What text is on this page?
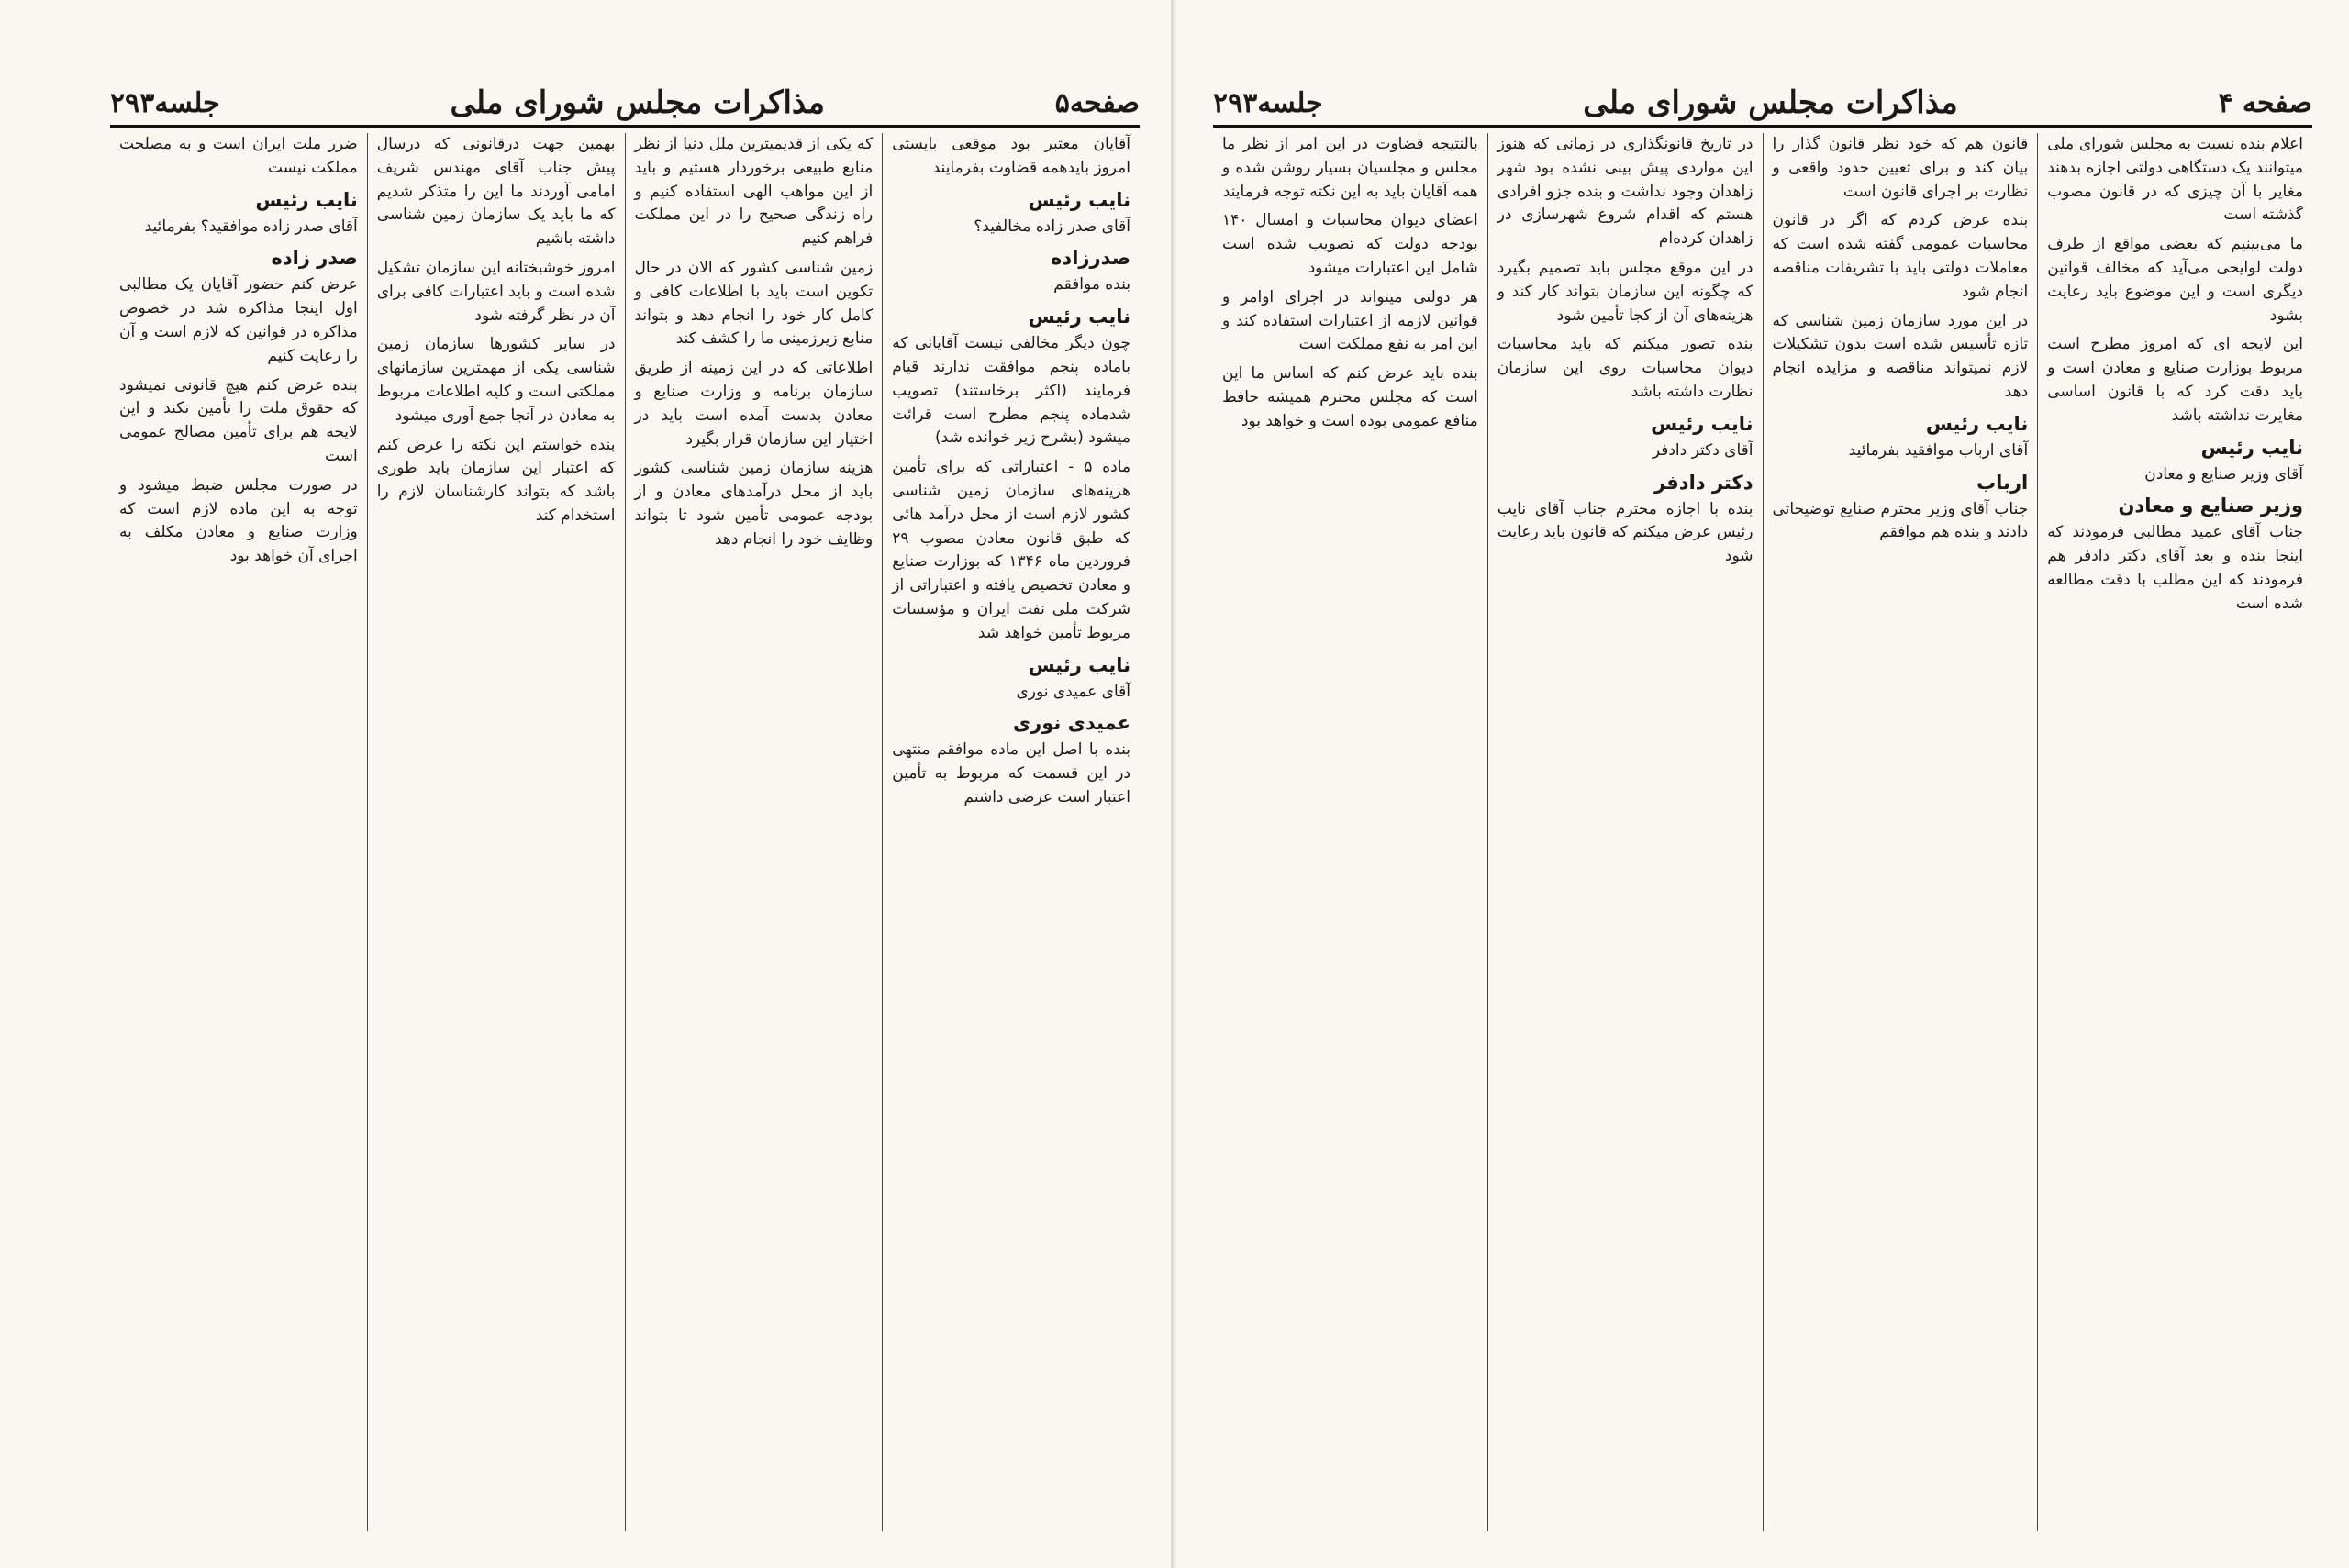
صفحه۵
مذاکرات مجلس شورای ملی
جلسه۲۹۳
آقایان معتبر بود موقعی بایستی امروز بایدهمه قضاوت بفرمایند
نایب رئیس
آقای صدر زاده مخالفید؟
صدرزاده
بنده موافقم
نایب رئیس
چون دیگر مخالفی نیست آقایانی که باماده پنجم موافقت ندارند قیام فرمایند (اکثر برخاستند) تصویب شدماده پنجم مطرح است قرائت میشود (بشرح زیر خوانده شد)
ماده ۵ - اعتباراتی که برای تأمین هزینه‌های سازمان زمین شناسی کشور لازم است از محل درآمد هائی که طبق قانون معادن مصوب ۲۹ فروردین ماه ۱۳۴۶ که بوزارت صنایع و معادن تخصیص یافته و اعتباراتی از شرکت ملی نفت ایران و مؤسسات مربوط تأمین خواهد شد
نایب رئیس
آقای عمیدی نوری
عمیدی نوری
بنده با اصل این ماده موافقم منتهی در این قسمت که مربوط به تأمین اعتبار است عرضی داشتم
که یکی از قدیمیترین ملل دنیا از نظر منابع طبیعی برخوردار هستیم و باید از این مواهب الهی استفاده کنیم و راه زندگی صحیح را در این مملکت فراهم کنیم
زمین شناسی کشور که الان در حال تکوین است باید با اطلاعات کافی و کامل کار خود را انجام دهد و بتواند منابع زیرزمینی ما را کشف کند
اطلاعاتی که در این زمینه از طریق سازمان برنامه و وزارت صنایع و معادن بدست آمده است باید در اختیار این سازمان قرار بگیرد
هزینه سازمان زمین شناسی کشور باید از محل درآمدهای معادن و از بودجه عمومی تأمین شود تا بتواند وظایف خود را انجام دهد
بهمین جهت درقانونی که درسال پیش جناب آقای مهندس شریف امامی آوردند ما این را متذکر شدیم که ما باید یک سازمان زمین شناسی داشته باشیم
امروز خوشبختانه این سازمان تشکیل شده است و باید اعتبارات کافی برای آن در نظر گرفته شود
در سایر کشورها سازمان زمین شناسی یکی از مهمترین سازمانهای مملکتی است و کلیه اطلاعات مربوط به معادن در آنجا جمع آوری میشود
بنده خواستم این نکته را عرض کنم که اعتبار این سازمان باید طوری باشد که بتواند کارشناسان لازم را استخدام کند
ضرر ملت ایران است و به مصلحت مملکت نیست
نایب رئیس
آقای صدر زاده موافقید؟ بفرمائید
صدر زاده
عرض کنم حضور آقایان یک مطالبی اول اینجا مذاکره شد در خصوص مذاکره در قوانین که لازم است و آن را رعایت کنیم
بنده عرض کنم هیچ قانونی نمیشود که حقوق ملت را تأمین نکند و این لایحه هم برای تأمین مصالح عمومی است
در صورت مجلس ضبط میشود و توجه به این ماده لازم است که وزارت صنایع و معادن مکلف به اجرای آن خواهد بود
صفحه ۴
مذاکرات مجلس شورای ملی
جلسه۲۹۳
اعلام بنده نسبت به مجلس شورای ملی میتوانند یک دستگاهی دولتی اجازه بدهند مغایر با آن چیزی که در قانون مصوب گذشته است
ما می‌بینیم که بعضی مواقع از طرف دولت لوایحی می‌آید که مخالف قوانین دیگری است و این موضوع باید رعایت بشود
این لایحه ای که امروز مطرح است مربوط بوزارت صنایع و معادن است و باید دقت کرد که با قانون اساسی مغایرت نداشته باشد
نایب رئیس
آقای وزیر صنایع و معادن
وزیر صنایع و معادن
جناب آقای عمید مطالبی فرمودند که اینجا بنده و بعد آقای دکتر دادفر هم فرمودند که این مطلب با دقت مطالعه شده است
قانون هم که خود نظر قانون گذار را بیان کند و برای تعیین حدود واقعی و نظارت بر اجرای قانون است
بنده عرض کردم که اگر در قانون محاسبات عمومی گفته شده است که معاملات دولتی باید با تشریفات مناقصه انجام شود
در این مورد سازمان زمین شناسی که تازه تأسیس شده است بدون تشکیلات لازم نمیتواند مناقصه و مزایده انجام دهد
نایب رئیس
آقای ارباب موافقید بفرمائید
ارباب
جناب آقای وزیر محترم صنایع توضیحاتی دادند و بنده هم موافقم
در تاریخ قانونگذاری در زمانی که هنوز این مواردی پیش بینی نشده بود شهر زاهدان وجود نداشت و بنده جزو افرادی هستم که اقدام شروع شهرسازی در زاهدان کرده‌ام
در این موقع مجلس باید تصمیم بگیرد که چگونه این سازمان بتواند کار کند و هزینه‌های آن از کجا تأمین شود
بنده تصور میکنم که باید محاسبات دیوان محاسبات روی این سازمان نظارت داشته باشد
نایب رئیس
آقای دکتر دادفر
دکتر دادفر
بنده با اجازه محترم جناب آقای نایب رئیس عرض میکنم که قانون باید رعایت شود
بالنتیجه قضاوت در این امر از نظر ما مجلس و مجلسیان بسیار روشن شده و همه آقایان باید به این نکته توجه فرمایند
اعضای دیوان محاسبات و امسال ۱۴۰ بودجه دولت که تصویب شده است شامل این اعتبارات میشود
هر دولتی میتواند در اجرای اوامر و قوانین لازمه از اعتبارات استفاده کند و این امر به نفع مملکت است
بنده باید عرض کنم که اساس ما این است که مجلس محترم همیشه حافظ منافع عمومی بوده است و خواهد بود
